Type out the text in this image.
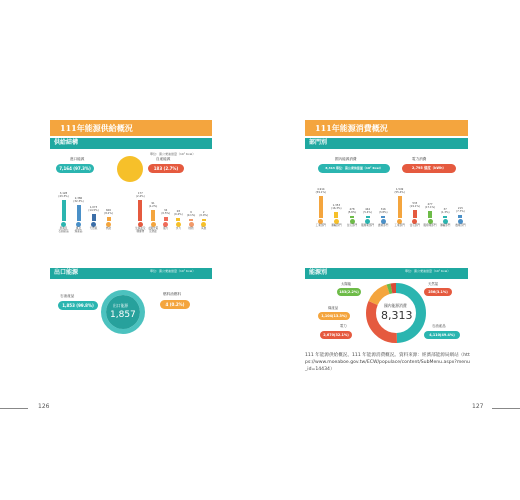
111年能源供給概況
供給結構
單位：萬公秉油當量（10⁷ Kcal）
進口能源
7,164 (97.3%)
自產能源
183 (2.7%)
3,128
(43.3%)
原油及
石油產品
2,386
(32.3%)
煤及
煤產品
1,073
(14.5%)
天然氣
606
(8.2%)
核能
177
(2.4%)
生質能及
廢棄物
91
(1.2%)
太陽光電
及熱能
34
(0.5%)
風力
28
(0.4%)
水力
9
(0.1%)
地熱
2
(0.0%)
其他
出口能源	單位：萬公秉油當量（10⁷ Kcal）
石油產品
1,853 (99.8%)	出口能源
1,857
燃料油燃料
4 (0.2%)
126
111年能源消費概況
部門別
國內能源消費
8,313 單位：萬公秉油當量（10⁷ Kcal）
電力消費
2,795 億度（kWh）
4,914
(59.1%)
工業部門
1,353
(16.3%)
運輸部門
478
(5.8%)
住宅部門
444
(5.4%)
服務業部門
316
(3.8%)
農業部門
1,549
(55.4%)
工業部門
533
(19.1%)
住宅部門
477
(17.1%)
服務業部門
37
(1.3%)
運輸部門
215
(7.7%)
農業部門
能源別	單位：萬公秉油當量（10⁷ Kcal）
國內能源消費
8,313
太陽能
183(2.2%)
煤產品
1,104(13.3%)
天然氣
256(3.1%)
電力
2,670(32.1%)
石油產品
4,110(49.4%)
111 年能源供給概況、111 年能源消費概況。資料來源：經濟部能源局網站（https://www.moeaboe.gov.tw/ECW/populace/content/SubMenu.aspx?menu_id=14434）
127
